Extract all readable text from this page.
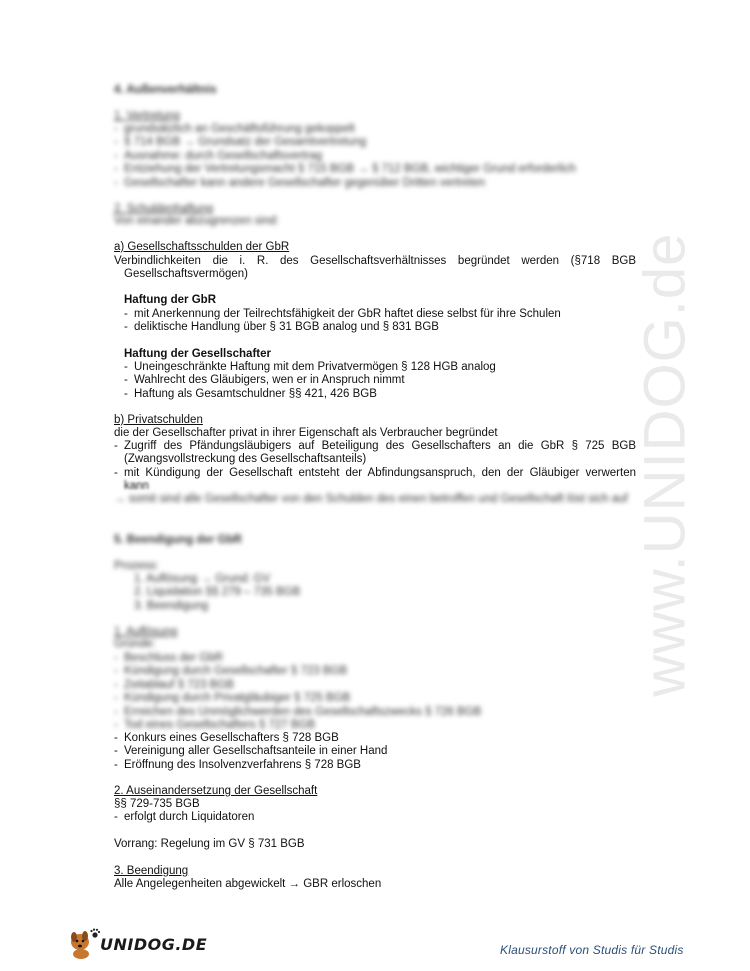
www.UNIDOG.de
4. Außenverhältnis
1. Vertretung
- grundsätzlich an Geschäftsführung gekoppelt
- § 714 BGB → Grundsatz der Gesamtvertretung
- Ausnahme: durch Gesellschaftsvertrag
- Entziehung der Vertretungsmacht § 715 BGB → § 712 BGB, wichtiger Grund erforderlich
- Gesellschafter kann andere Gesellschafter gegenüber Dritten vertreten
2. Schuldenhaftung
Von einander abzugrenzen sind:
a) Gesellschaftsschulden der GbR
Verbindlichkeiten die i. R. des Gesellschaftsverhältnisses begründet werden (§718 BGB
Gesellschaftsvermögen)
Haftung der GbR
- mit Anerkennung der Teilrechtsfähigkeit der GbR haftet diese selbst für ihre Schulen
- deliktische Handlung über § 31 BGB analog und § 831 BGB
Haftung der Gesellschafter
- Uneingeschränkte Haftung mit dem Privatvermögen § 128 HGB analog
- Wahlrecht des Gläubigers, wen er in Anspruch nimmt
- Haftung als Gesamtschuldner §§ 421, 426 BGB
b) Privatschulden
die der Gesellschafter privat in ihrer Eigenschaft als Verbraucher begründet
- Zugriff des Pfändungsläubigers auf Beteiligung des Gesellschafters an die GbR § 725 BGB
(Zwangsvollstreckung des Gesellschaftsanteils)
- mit Kündigung der Gesellschaft entsteht der Abfindungsanspruch, den der Gläubiger verwerten
kann
→ somit sind alle Gesellschafter von den Schulden des einen betroffen und Gesellschaft löst sich auf
5. Beendigung der GbR
Prozess:
1. Auflösung → Grund: GV
2. Liquidation §§ 279 – 735 BGB
3. Beendigung
1. Auflösung
Gründe:
- Beschluss der GbR
- Kündigung durch Gesellschafter § 723 BGB
- Zeitablauf § 723 BGB
- Kündigung durch Privatgläubiger § 725 BGB
- Erreichen des Unmöglichwerden des Gesellschaftszwecks § 726 BGB
- Tod eines Gesellschafters § 727 BGB
- Konkurs eines Gesellschafters § 728 BGB
- Vereinigung aller Gesellschaftsanteile in einer Hand
- Eröffnung des Insolvenzverfahrens § 728 BGB
2. Auseinandersetzung der Gesellschaft
§§ 729-735 BGB
- erfolgt durch Liquidatoren
Vorrang: Regelung im GV § 731 BGB
3. Beendigung
Alle Angelegenheiten abgewickelt → GBR erloschen
UNIDOG.DE	Klausurstoff von Studis für Studis
